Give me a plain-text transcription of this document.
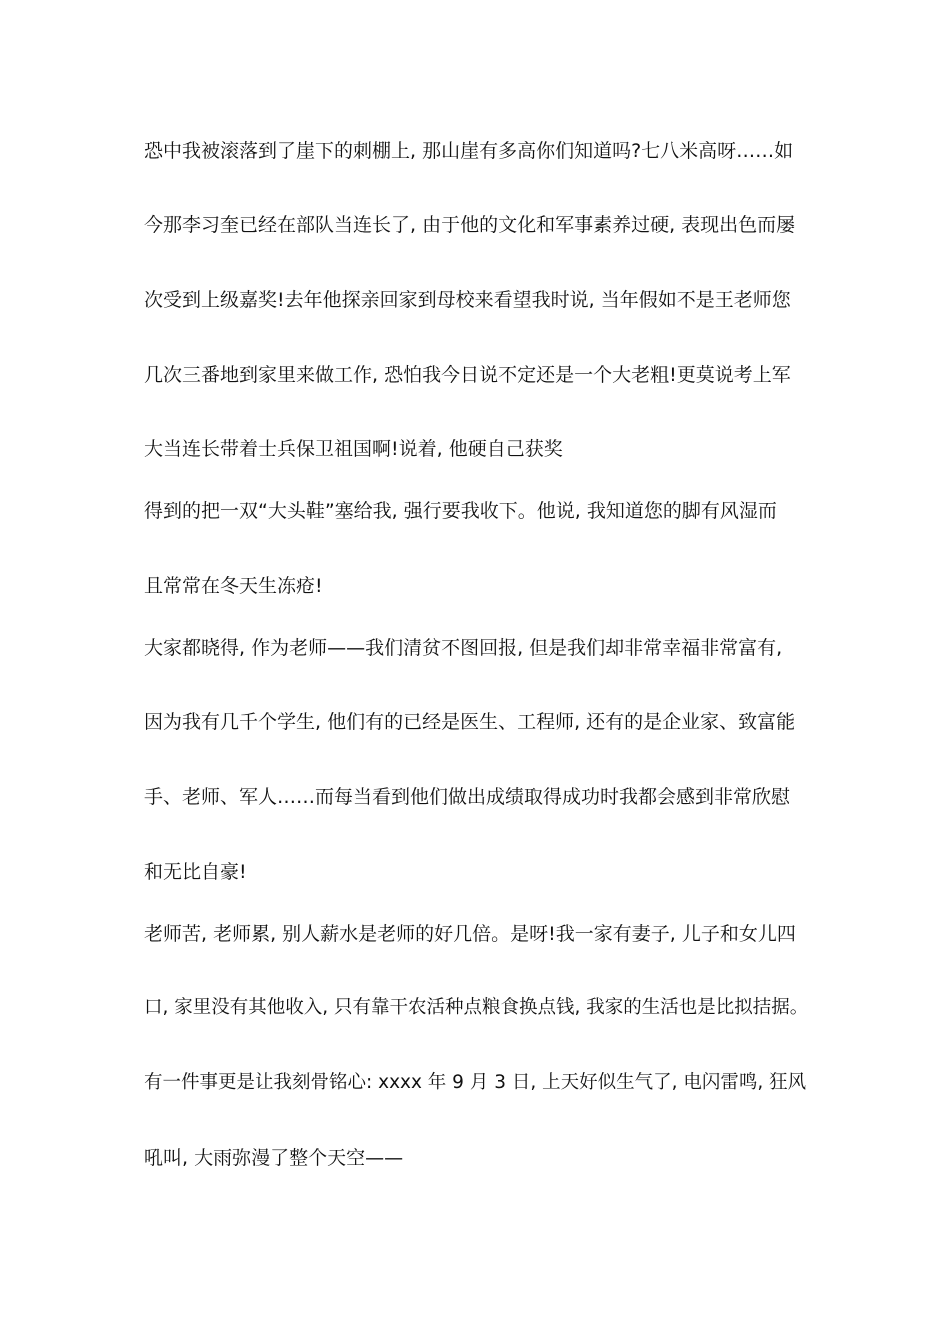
恐中我被滚落到了崖下的刺棚上, 那山崖有多高你们知道吗?七八米高呀……如

今那李习奎已经在部队当连长了, 由于他的文化和军事素养过硬, 表现出色而屡

次受到上级嘉奖!去年他探亲回家到母校来看望我时说, 当年假如不是王老师您

几次三番地到家里来做工作, 恐怕我今日说不定还是一个大老粗!更莫说考上军

大当连长带着士兵保卫祖国啊!说着, 他硬自己获奖

得到的把一双“大头鞋”塞给我, 强行要我收下。他说, 我知道您的脚有风湿而

且常常在冬天生冻疮!

大家都晓得, 作为老师——我们清贫不图回报, 但是我们却非常幸福非常富有,

因为我有几千个学生, 他们有的已经是医生、工程师, 还有的是企业家、致富能

手、老师、军人……而每当看到他们做出成绩取得成功时我都会感到非常欣慰

和无比自豪!

老师苦, 老师累, 别人薪水是老师的好几倍。是呀!我一家有妻子, 儿子和女儿四

口, 家里没有其他收入, 只有靠干农活种点粮食换点钱, 我家的生活也是比拟拮据。

有一件事更是让我刻骨铭心: xxxx 年 9 月 3 日, 上天好似生气了, 电闪雷鸣, 狂风

吼叫, 大雨弥漫了整个天空——
